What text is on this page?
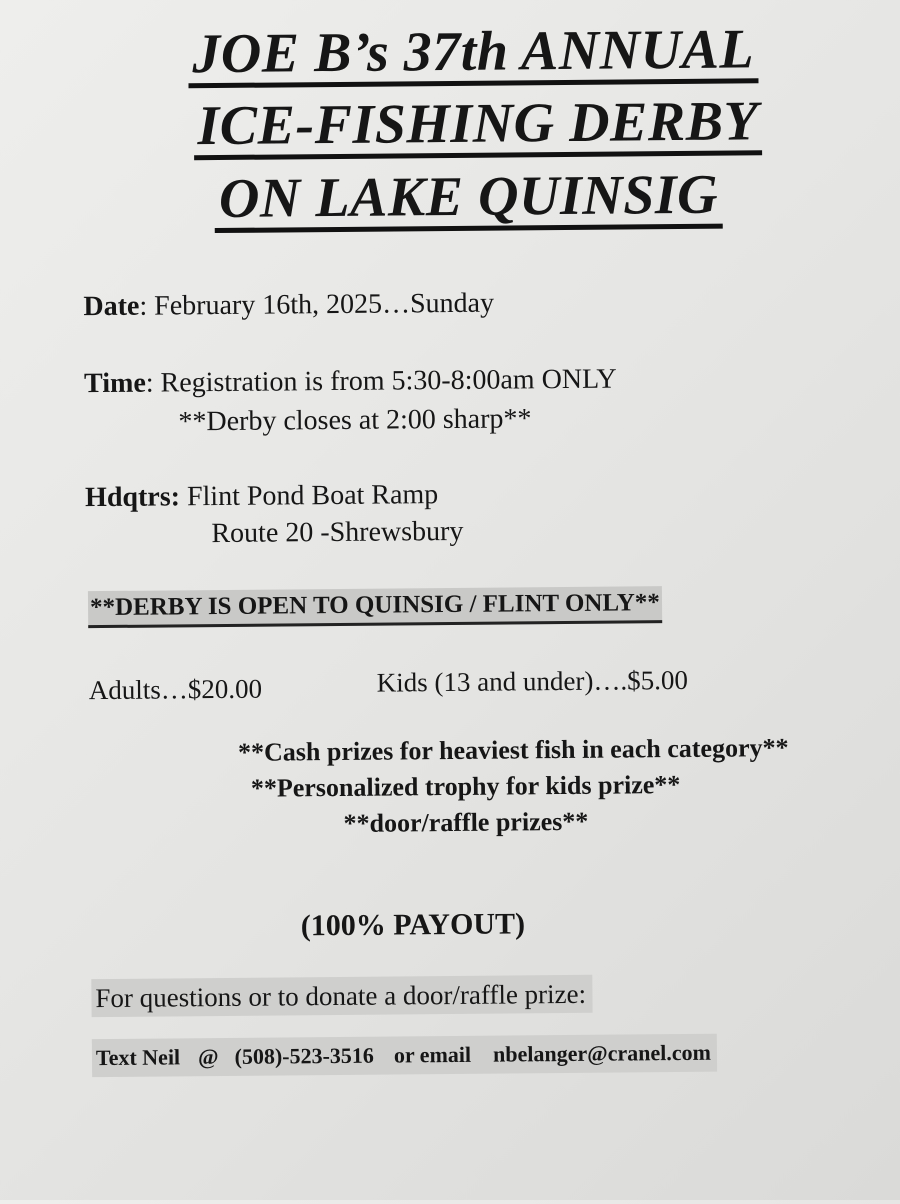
JOE B’s 37th ANNUAL
ICE-FISHING DERBY
ON LAKE QUINSIG
Date: February 16th, 2025…Sunday
Time: Registration is from 5:30-8:00am ONLY
**Derby closes at 2:00 sharp**
Hdqtrs: Flint Pond Boat Ramp
Route 20 -Shrewsbury
**DERBY IS OPEN TO QUINSIG / FLINT ONLY**
Adults…$20.00	Kids (13 and under)….$5.00
**Cash prizes for heaviest fish in each category**
**Personalized trophy for kids prize**
**door/raffle prizes**
(100% PAYOUT)
For questions or to donate a door/raffle prize:
Text Neil @ (508)-523-3516 or email nbelanger@cranel.com
